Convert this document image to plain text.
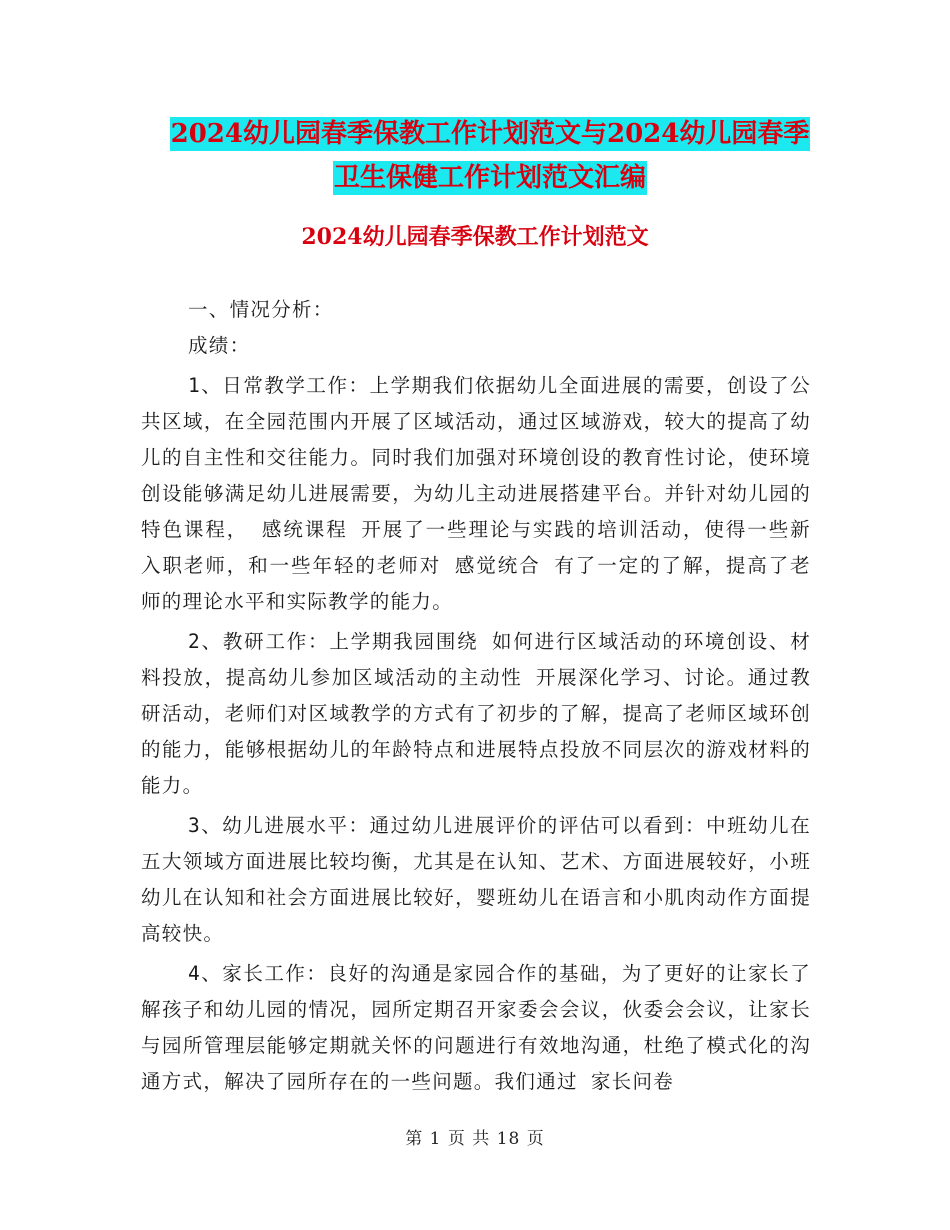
2024幼儿园春季保教工作计划范文与2024幼儿园春季
卫生保健工作计划范文汇编
2024幼儿园春季保教工作计划范文

一、情况分析：

成绩：

1、日常教学工作：上学期我们依据幼儿全面进展的需要，创设了公共区域，在全园范围内开展了区域活动，通过区域游戏，较大的提高了幼儿的自主性和交往能力。同时我们加强对环境创设的教育性讨论，使环境创设能够满足幼儿进展需要，为幼儿主动进展搭建平台。并针对幼儿园的特色课程， 感统课程 开展了一些理论与实践的培训活动，使得一些新入职老师，和一些年轻的老师对 感觉统合 有了一定的了解，提高了老师的理论水平和实际教学的能力。

2、教研工作：上学期我园围绕 如何进行区域活动的环境创设、材料投放，提高幼儿参加区域活动的主动性 开展深化学习、讨论。通过教研活动，老师们对区域教学的方式有了初步的了解，提高了老师区域环创的能力，能够根据幼儿的年龄特点和进展特点投放不同层次的游戏材料的能力。

3、幼儿进展水平：通过幼儿进展评价的评估可以看到：中班幼儿在五大领域方面进展比较均衡，尤其是在认知、艺术、方面进展较好，小班幼儿在认知和社会方面进展比较好，婴班幼儿在语言和小肌肉动作方面提高较快。

4、家长工作：良好的沟通是家园合作的基础，为了更好的让家长了解孩子和幼儿园的情况，园所定期召开家委会会议，伙委会会议，让家长与园所管理层能够定期就关怀的问题进行有效地沟通，杜绝了模式化的沟通方式，解决了园所存在的一些问题。我们通过 家长问卷

第 1 页 共 18 页
